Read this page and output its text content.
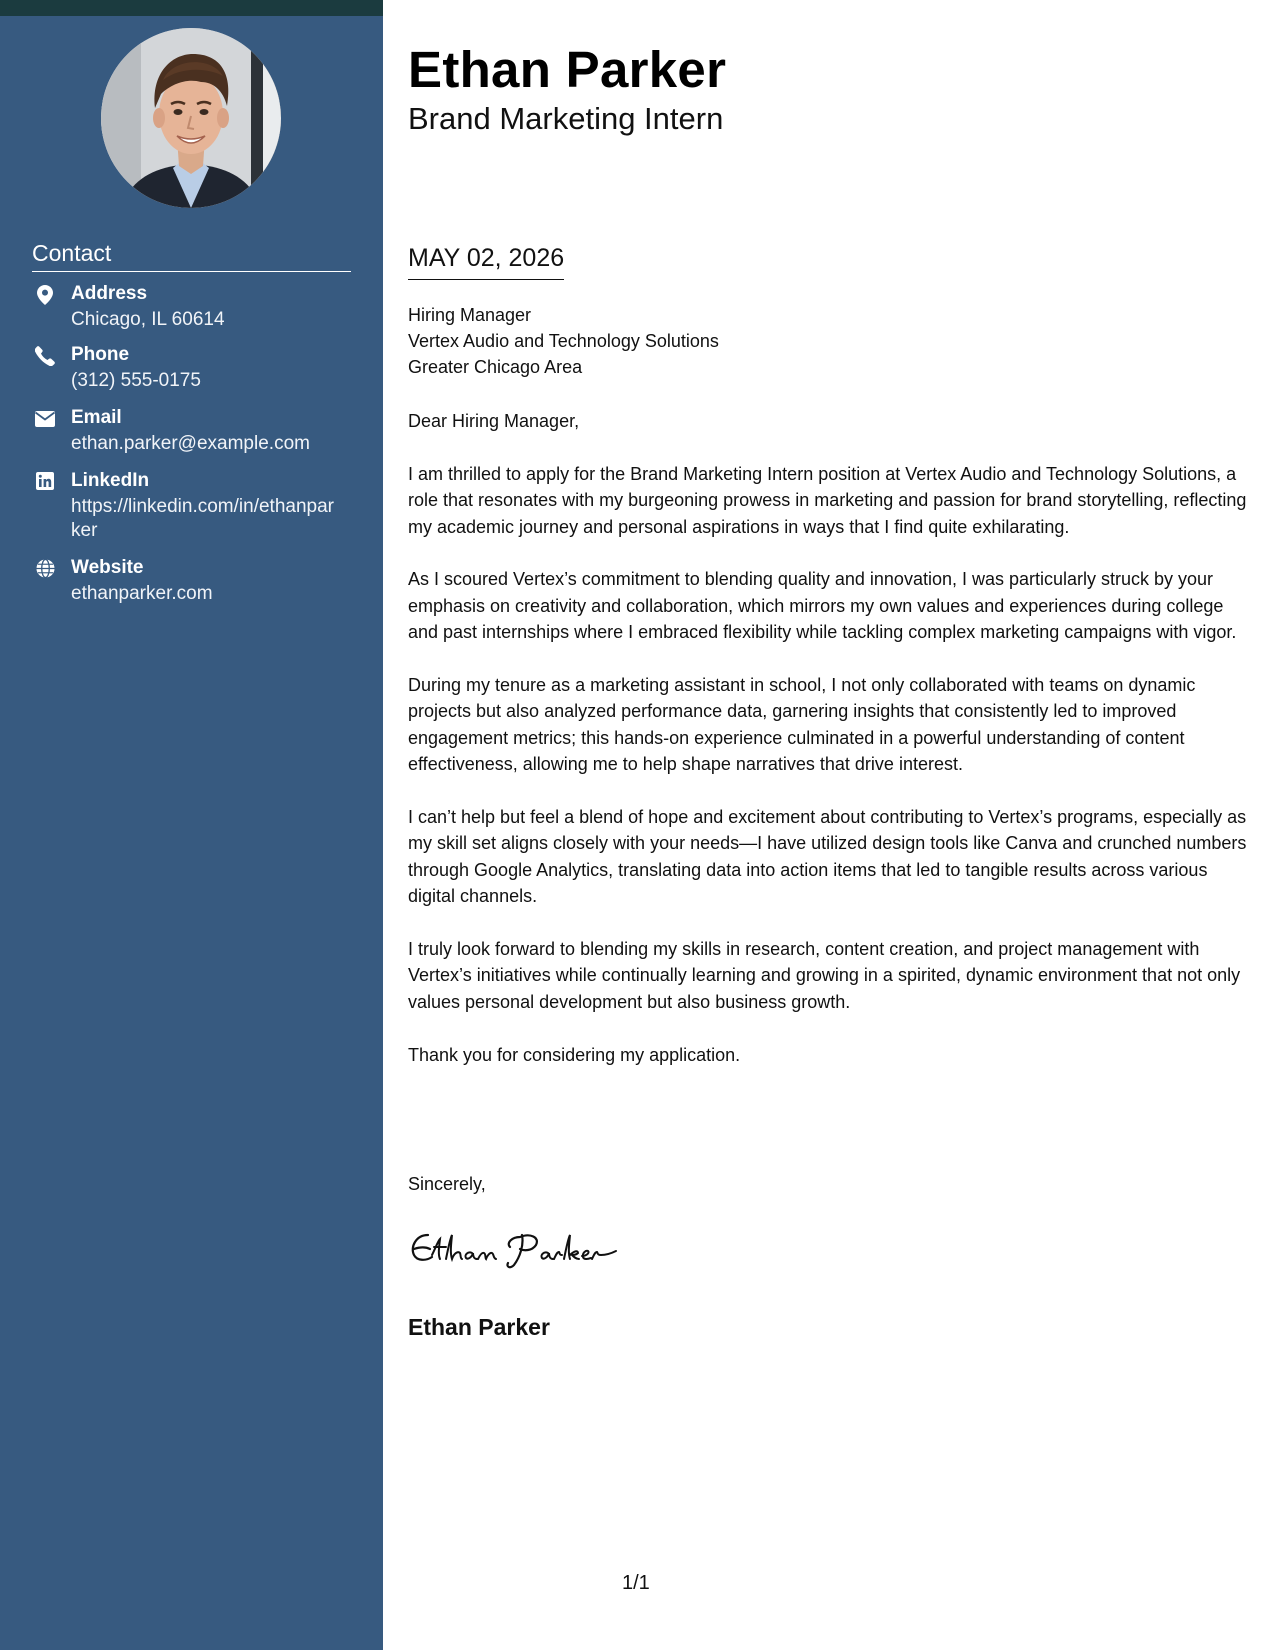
Contact
Address
Chicago, IL 60614
Phone
(312) 555-0175
Email
ethan.parker@example.com
LinkedIn
https://linkedin.com/in/ethanparker
Website
ethanparker.com
Ethan Parker
Brand Marketing Intern
MAY 02, 2026
Hiring Manager
Vertex Audio and Technology Solutions
Greater Chicago Area

Dear Hiring Manager,

I am thrilled to apply for the Brand Marketing Intern position at Vertex Audio and Technology Solutions, a role that resonates with my burgeoning prowess in marketing and passion for brand storytelling, reflecting my academic journey and personal aspirations in ways that I find quite exhilarating.

As I scoured Vertex’s commitment to blending quality and innovation, I was particularly struck by your emphasis on creativity and collaboration, which mirrors my own values and experiences during college and past internships where I embraced flexibility while tackling complex marketing campaigns with vigor.

During my tenure as a marketing assistant in school, I not only collaborated with teams on dynamic projects but also analyzed performance data, garnering insights that consistently led to improved engagement metrics; this hands-on experience culminated in a powerful understanding of content effectiveness, allowing me to help shape narratives that drive interest.

I can’t help but feel a blend of hope and excitement about contributing to Vertex’s programs, especially as my skill set aligns closely with your needs—I have utilized design tools like Canva and crunched numbers through Google Analytics, translating data into action items that led to tangible results across various digital channels.

I truly look forward to blending my skills in research, content creation, and project management with Vertex’s initiatives while continually learning and growing in a spirited, dynamic environment that not only values personal development but also business growth.

Thank you for considering my application.

Sincerely,
Ethan Parker
1/1
